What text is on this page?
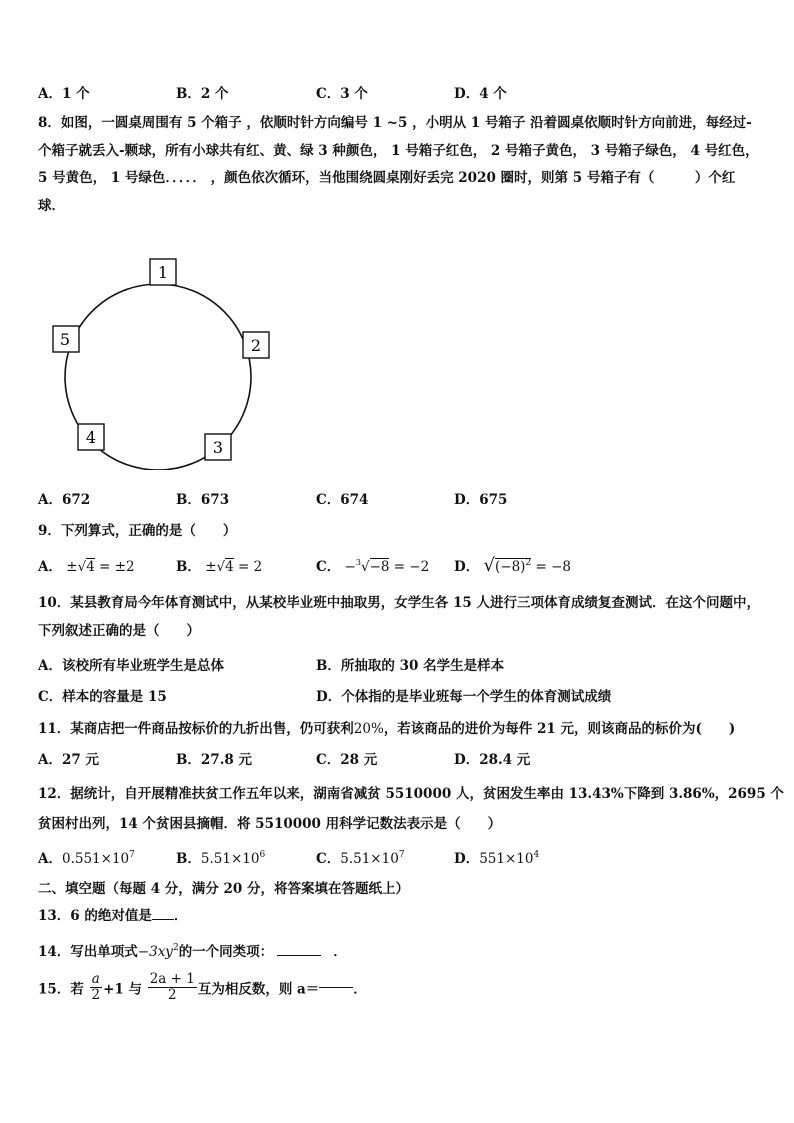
A．1 个	B．2 个	C．3 个	D．4 个
8．如图，一圆桌周围有 5 个箱子 ，依顺时针方向编号 1 ~5 ，小明从 1 号箱子 沿着圆桌依顺时针方向前进，每经过-
个箱子就丢入-颗球，所有小球共有红、黄、绿 3 种颜色， 1 号箱子红色， 2 号箱子黄色， 3 号箱子绿色， 4 号红色，
5 号黄色， 1 号绿色．．．．． ，颜色依次循环，当他围绕圆桌刚好丢完 2020 圈时，则第 5 号箱子有（　　　）个红
球．
1
2
3
4
5
A．672	B．673	C．674	D．675
9．下列算式，正确的是（　　）
A． ±√4 = ±2	B． ±√4 = 2	C． −$^3$√−8 = −2 D． $√(-8)^2 = -8$
10．某县教育局今年体育测试中，从某校毕业班中抽取男，女学生各 15 人进行三项体育成绩复查测试．在这个问题中，
下列叙述正确的是（　　）
A．该校所有毕业班学生是总体	B．所抽取的 30 名学生是样本
C．样本的容量是 15	D．个体指的是毕业班每一个学生的体育测试成绩
11．某商店把一件商品按标价的九折出售，仍可获利20%，若该商品的进价为每件 21 元，则该商品的标价为(　　)
A．27 元	B．27.8 元	C．28 元	D．28.4 元
12．据统计，自开展精准扶贫工作五年以来，湖南省减贫 5510000 人，贫困发生率由 13.43%下降到 3.86%，2695 个
贫困村出列，14 个贫困县摘帽．将 5510000 用科学记数法表示是（　　）
A．$0.551\times 10^7$	B．$5.51\times 10^6$	C．$5.51\times 10^7$	D．$551\times 10^4$
二、填空题（每题 4 分，满分 20 分，将答案填在答题纸上）
13．6 的绝对值是 ．
14．写出单项式$-3xy^2$的一个同类项：	．
15．若 $\frac{a}{2} +1$ 与 $\frac{2a + 1}{2}$ 互为相反数，则 a＝	．
